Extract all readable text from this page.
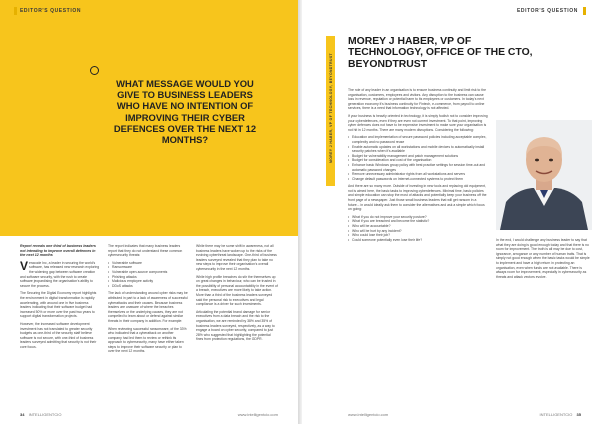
EDITOR'S QUESTION
WHAT MESSAGE WOULD YOU GIVE TO BUSINESS LEADERS WHO HAVE NO INTENTION OF IMPROVING THEIR CYBER DEFENCES OVER THE NEXT 12 MONTHS?
Report reveals one third of business leaders not intending to improve overall defences in the next 12 months

Veracode Inc, a leader in securing the world's software, has released new research exploring the widening gap between software creation and software security, with the rush to create software jeopardising the organisation's ability to secure the process.

The Securing the Digital Economy report highlights the environment in digital transformation is rapidly accelerating, with around one in five business leaders indicating that their software budget had increased 50% or more over the past two years to support digital transformation projects.

However, the increased software development investment has not translated to greater security budgets as one-third of the security staff believe software is not secure, with one-third of business leaders surveyed admitting that security is not their core focus.

The report indicates that many business leaders report that they do not understand these common cybersecurity threats:

• Vulnerable software
• Ransomware
• Vulnerable open-source components
• Phishing attacks
• Malicious employee activity
• DDoS attacks

The lack of understanding around cyber risks may be attributed in part to a lack of awareness of successful cyberattacks and their causes. Because business leaders are unaware of where the breaches themselves or the underlying causes, they are not compelled to learn about or defend against similar threats in their company in addition. For example:

When reviewing successful ransomware, of the 33% who indicated that a cyberattack on another company had led them to review or rethink its approach to cybersecurity, many have either taken steps to improve their software security or plan to over the next 12 months.

While there may be some shift in awareness, not all business leaders have woken up to the risks of the evolving cyberthreat landscape. One-third of business leaders surveyed revealed that they plan to take no new steps to improve their organisation's overall cybersecurity in the next 12 months.

While high profile breaches do stir the themselves up on great changes in behaviour, who can be trusted in the possibility of personal accountability in the event of a breach, executives are more likely to take action. More than a third of the business leaders surveyed said the personal risk to executives and legal compliance is a driver for such investments.

Articulating the potential brand damage for senior executives from a data breach and the risk to the organisation, we are reminded by 38% and 35% of business leaders surveyed, respectively, as a way to engage a board on cyber security, compared to just 28% who suggested that highlighting the potential fines from protection regulations, the GDPR.

34 INTELLIGENTCIO	www.intelligentcio.com
EDITOR'S QUESTION
MOREY J HABER, VP OF TECHNOLOGY, BEYONDTRUST
MOREY J HABER, VP OF TECHNOLOGY, OFFICE OF THE CTO, BEYONDTRUST

The role of any leader in an organisation is to ensure business continuity and limit risk to the organisation, customers, employees and visitors. Any disruption to the business can cause loss in revenue, reputation or potential harm to its employees or customers. In today's next generation economy it's business continuity for Fintech, e-commerce, from payroll to online services, there is a need that information technology is not affected.

If your business is heavily oriented in technology, it is simply foolish not to consider improving your cyberdefences, even if they are even not current investment. To that point, improving cyber defences does not have to be expensive investment to make sure your organisation is not hit in 12 months. There are many modern disruptions. Considering the following:

• Education and implementation of secure password policies including acceptable complex, complexity and no password reuse
• Enable automatic updates on all workstations and mobile devices to automatically install security patches when it's available
• Budget for vulnerability management and patch management solutions
• Budget for consideration and cost of the organisation
• Enhance basic Windows group policy with best practice settings for session time-out and automatic password changes
• Remove unnecessary administrator rights from all workstations and servers
• Change default passwords on Internet-connected systems to protect them

And there are so many more. Outside of investing in new tools and replacing old equipment, not is aimed here, the basic tasks to improving cyberdefences. Minimal time, basic policies and simple education can stop the most of attacks and potentially keep your business off the front page of a newspaper. Just those small business leaders that will get ransom in a future... in would ideally ask them to consider the alternatives and ask a simple which focus on going:

• What if you do not improve your security posture?
• What if you are breached and become the statistic?
• Who will be accountable?
• Who will be hurt by any incident?
• Who could lose their job?
• Could someone potentially even lose their life?	In the end, I would challenge any business leader to say that what they are doing is good enough today and that there is no room for improvement. The truth is all may be due to cost, ignorance, arrogance or any number of human traits. That is simply not good enough when the basic tasks would be simple to implement and have a high return in protecting an organisation, even when funds are not available. There is always room for improvement, especially in cybersecurity as threats and attack vectors evolve.

www.intelligentcio.com	INTELLIGENTCIO 35
